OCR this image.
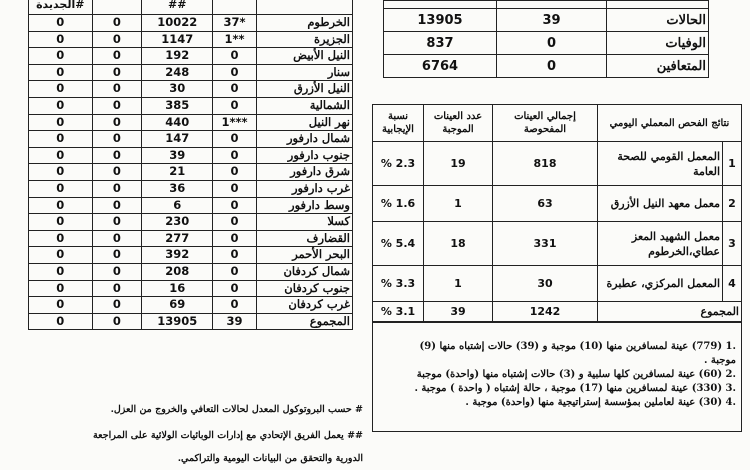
الجديدة#		##		
0	0	10022	37*	الخرطوم
0	0	1147	1**	الجزيرة
0	0	192	0	النيل الأبيض
0	0	248	0	سنار
0	0	30	0	النيل الأزرق
0	0	385	0	الشمالية
0	0	440	1***	نهر النيل
0	0	147	0	شمال دارفور
0	0	39	0	جنوب دارفور
0	0	21	0	شرق دارفور
0	0	36	0	غرب دارفور
0	0	6	0	وسط دارفور
0	0	230	0	كسلا
0	0	277	0	القضارف
0	0	392	0	البحر الأحمر
0	0	208	0	شمال كردفان
0	0	16	0	جنوب كردفان
0	0	69	0	غرب كردفان
0	0	13905	39	المجموع
# حسب البروتوكول المعدل لحالات التعافي والخروج من العزل.
## يعمل الفريق الإتحادي مع إدارات الوبائيات الولائية على المراجعة
الدورية والتحقق من البيانات اليومية والتراكمي.

13905	39	الحالات
837	0	الوفيات
6764	0	المتعافين
نسبة الإيجابية	عدد العينات الموجبة	إجمالي العينات المفحوصة	نتائج الفحص المعملي اليومي	
% 2.3	19	818	المعمل القومي للصحة العامة	1
% 1.6	1	63	معمل معهد النيل الأزرق	2
% 5.4	18	331	معمل الشهيد المعز عطاي،الخرطوم	3
% 3.3	1	30	المعمل المركزي، عطبرة	4
% 3.1	39	1242	المجموع	
.1 (779) عينة لمسافرين منها (10) موجبة و (39) حالات إشتباه منها (9)
موجبة .
.2 (60) عينة لمسافرين كلها سلبية و (3) حالات إشتباه منها (واحدة) موجبة
.3 (330) عينة لمسافرين منها (17) موجبة ، حالة إشتباه ( واحدة ) موجبة .
.4 (30) عينة لعاملين بمؤسسة إستراتيجية منها (واحدة) موجبة .
